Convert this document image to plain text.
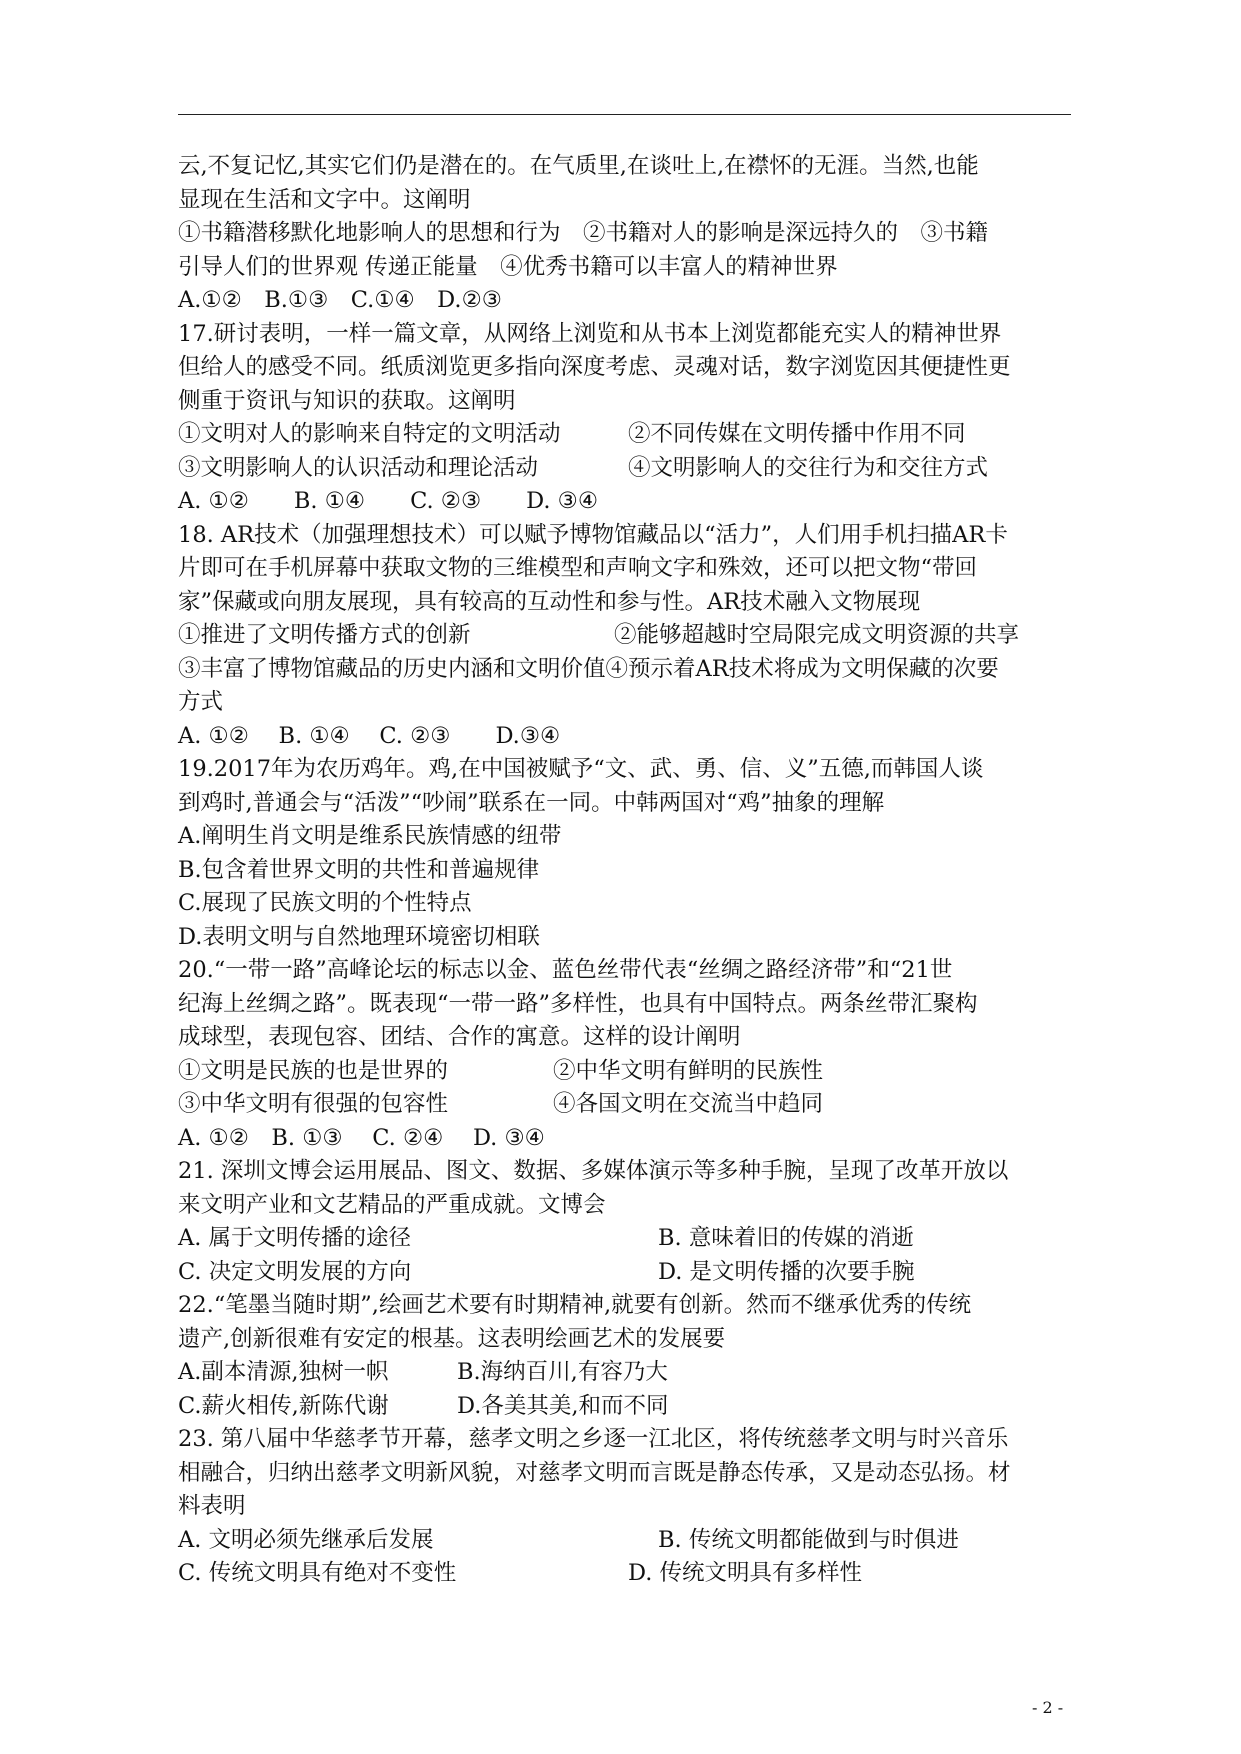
云,不复记忆,其实它们仍是潜在的。在气质里,在谈吐上,在襟怀的无涯。当然,也能
显现在生活和文字中。这阐明
①书籍潜移默化地影响人的思想和行为　②书籍对人的影响是深远持久的　③书籍
引导人们的世界观 传递正能量　④优秀书籍可以丰富人的精神世界
A.①②　B.①③　C.①④　D.②③
17.研讨表明，一样一篇文章，从网络上浏览和从书本上浏览都能充实人的精神世界
但给人的感受不同。纸质浏览更多指向深度考虑、灵魂对话，数字浏览因其便捷性更
侧重于资讯与知识的获取。这阐明
①文明对人的影响来自特定的文明活动	②不同传媒在文明传播中作用不同
③文明影响人的认识活动和理论活动	④文明影响人的交往行为和交往方式
A. ①②　　B. ①④　　C. ②③　　D. ③④
18. AR技术（加强理想技术）可以赋予博物馆藏品以“活力”，人们用手机扫描AR卡
片即可在手机屏幕中获取文物的三维模型和声响文字和殊效，还可以把文物“带回
家”保藏或向朋友展现，具有较高的互动性和参与性。AR技术融入文物展现
①推进了文明传播方式的创新	②能够超越时空局限完成文明资源的共享
③丰富了博物馆藏品的历史内涵和文明价值④预示着AR技术将成为文明保藏的次要
方式
A. ①②　 B. ①④　 C. ②③　　D.③④
19.2017年为农历鸡年。鸡,在中国被赋予“文、武、勇、信、义”五德,而韩国人谈
到鸡时,普通会与“活泼”“吵闹”联系在一同。中韩两国对“鸡”抽象的理解
A.阐明生肖文明是维系民族情感的纽带
B.包含着世界文明的共性和普遍规律
C.展现了民族文明的个性特点
D.表明文明与自然地理环境密切相联
20.“一带一路”高峰论坛的标志以金、蓝色丝带代表“丝绸之路经济带”和“21世
纪海上丝绸之路”。既表现“一带一路”多样性，也具有中国特点。两条丝带汇聚构
成球型，表现包容、团结、合作的寓意。这样的设计阐明
①文明是民族的也是世界的	②中华文明有鲜明的民族性
③中华文明有很强的包容性	④各国文明在交流当中趋同
A. ①②　B. ①③　 C. ②④　 D. ③④
21. 深圳文博会运用展品、图文、数据、多媒体演示等多种手腕，呈现了改革开放以
来文明产业和文艺精品的严重成就。文博会
A. 属于文明传播的途径	B. 意味着旧的传媒的消逝
C. 决定文明发展的方向	D. 是文明传播的次要手腕
22.“笔墨当随时期”,绘画艺术要有时期精神,就要有创新。然而不继承优秀的传统
遗产,创新很难有安定的根基。这表明绘画艺术的发展要
A.副本清源,独树一帜	B.海纳百川,有容乃大
C.薪火相传,新陈代谢	D.各美其美,和而不同
23. 第八届中华慈孝节开幕，慈孝文明之乡逐一江北区，将传统慈孝文明与时兴音乐
相融合，归纳出慈孝文明新风貌，对慈孝文明而言既是静态传承，又是动态弘扬。材
料表明
A. 文明必须先继承后发展	B. 传统文明都能做到与时俱进
C. 传统文明具有绝对不变性	D. 传统文明具有多样性
- 2 -
